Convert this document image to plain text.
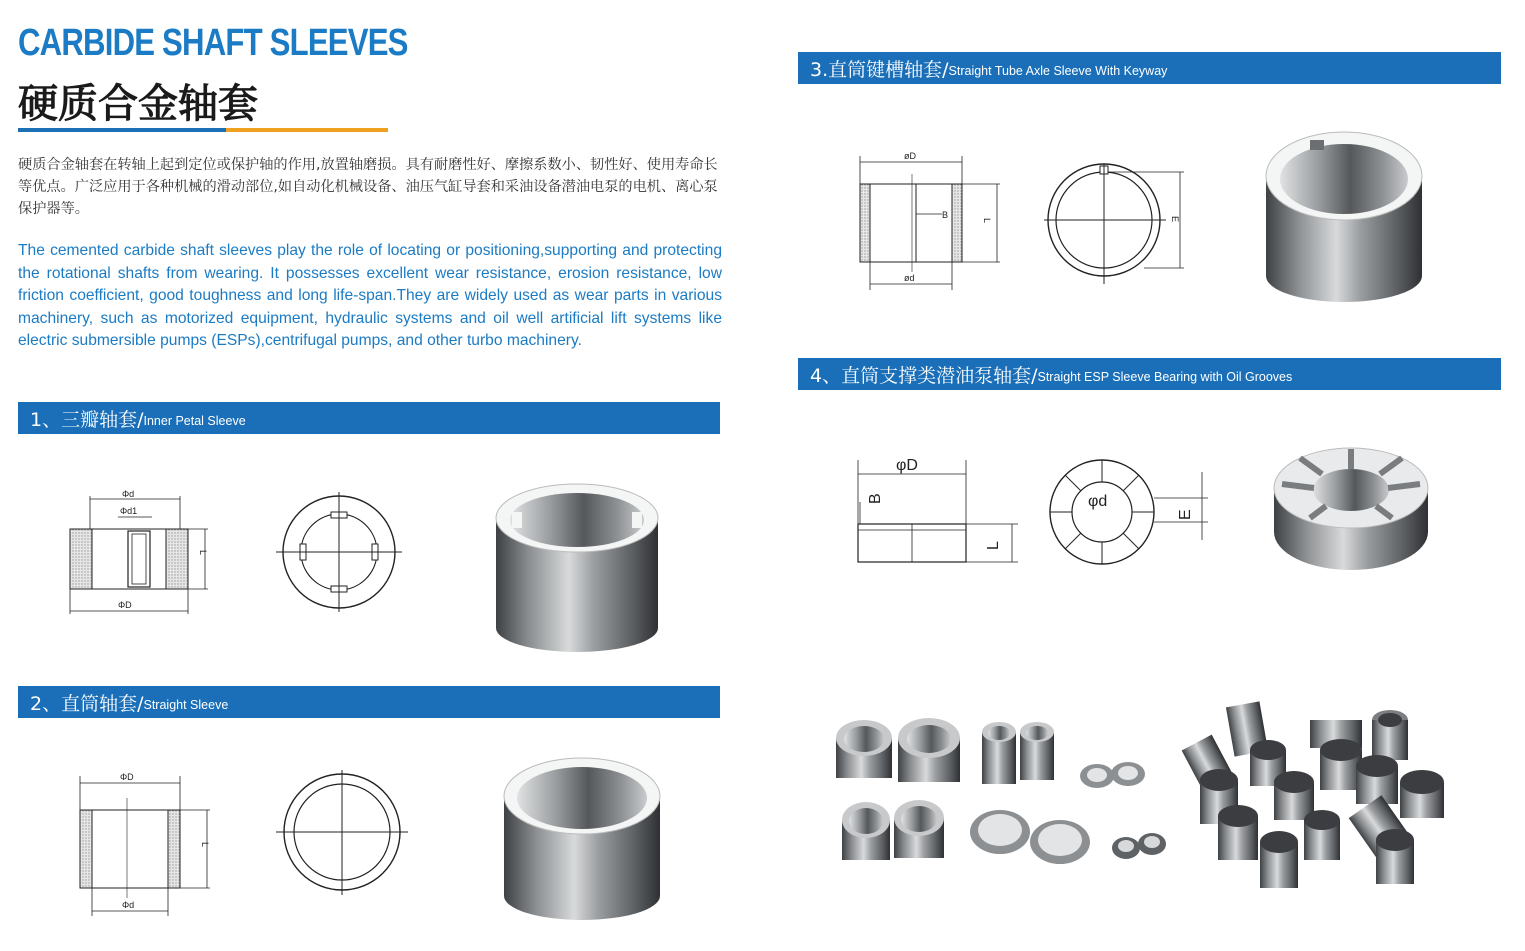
CARBIDE SHAFT SLEEVES
硬质合金轴套
硬质合金轴套在转轴上起到定位或保护轴的作用,放置轴磨损。具有耐磨性好、摩擦系数小、韧性好、使用寿命长等优点。广泛应用于各种机械的滑动部位,如自动化机械设备、油压气缸导套和采油设备潜油电泵的电机、离心泵保护器等。
The cemented carbide shaft sleeves play the role of locating or positioning,supporting and protecting the rotational shafts from wearing. It possesses excellent wear resistance, erosion resistance, low friction coefficient, good toughness and long life-span.They are widely used as wear parts in various machinery, such as motorized equipment, hydraulic systems and oil well artificial lift systems like electric submersible pumps (ESPs),centrifugal pumps, and other turbo machinery.
1、三瓣轴套/ Inner Petal Sleeve
2、直筒轴套/ Straight Sleeve
3.直筒键槽轴套/ Straight Tube Axle Sleeve With Keyway
4、直筒支撑类潜油泵轴套/ Straight ESP Sleeve Bearing with Oil Grooves
Φd
Φd1
L
ΦD
ΦD
L
Φd
øD
B
L
ød
E
φD
B
L
φd
E
